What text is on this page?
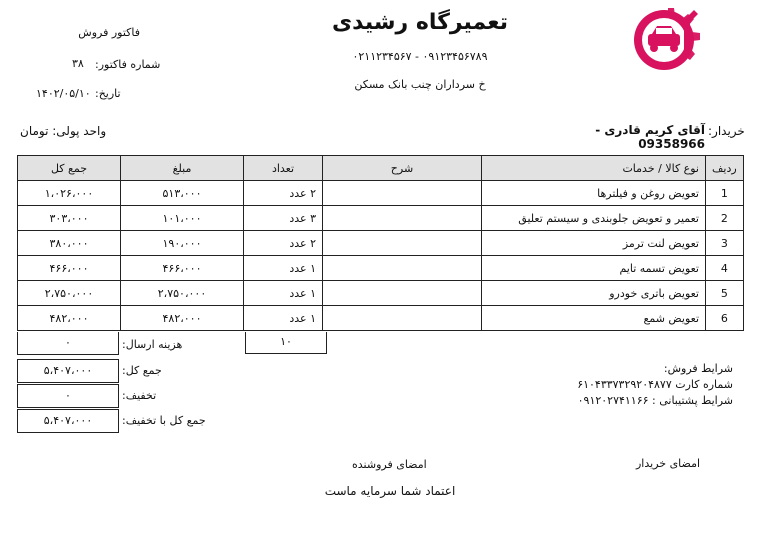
تعمیرگاه رشیدی
۰۲۱۱۲۳۴۵۶۷ - ۰۹۱۲۳۴۵۶۷۸۹
خ سرداران چنب بانک مسکن
فاکتور فروش
شماره فاکتور:
۳۸
تاریخ:
۱۴۰۲/۰۵/۱۰
خریدار:
آقای کریم قادری - 09358966
واحد پولی: تومان
ردیف	نوع کالا / خدمات	شرح	تعداد	مبلغ	جمع کل
1	تعویض روغن و فیلترها		۲ عدد	۵۱۳،۰۰۰	۱،۰۲۶،۰۰۰
2	تعمیر و تعویض جلوبندی و سیستم تعلیق		۳ عدد	۱۰۱،۰۰۰	۳۰۳،۰۰۰
3	تعویض لنت ترمز		۲ عدد	۱۹۰،۰۰۰	۳۸۰،۰۰۰
4	تعویض تسمه تایم		۱ عدد	۴۶۶،۰۰۰	۴۶۶،۰۰۰
5	تعویض باتری خودرو		۱ عدد	۲،۷۵۰،۰۰۰	۲،۷۵۰،۰۰۰
6	تعویض شمع		۱ عدد	۴۸۲،۰۰۰	۴۸۲،۰۰۰
۱۰
۰	هزینه ارسال:
۵،۴۰۷،۰۰۰	جمع کل:
۰	تخفیف:
۵،۴۰۷،۰۰۰	جمع کل با تخفیف:
شرایط فروش:
شماره کارت ۶۱۰۴۳۳۷۳۲۹۲۰۴۸۷۷
شرایط پشتیبانی : ۰۹۱۲۰۲۷۴۱۱۶۶
امضای خریدار
امضای فروشنده
اعتماد شما سرمایه ماست
